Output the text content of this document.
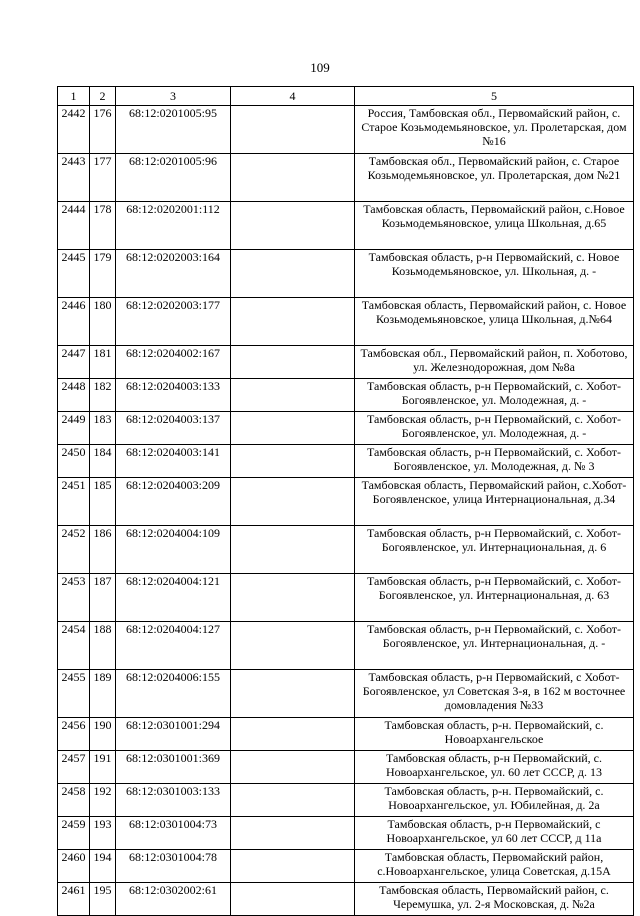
109
1	2	3	4	5
2442	176	68:12:0201005:95		Россия, Тамбовская обл., Первомайский район, с. Старое Козьмодемьяновское, ул. Пролетарская, дом №16
2443	177	68:12:0201005:96		Тамбовская обл., Первомайский район, с. Старое Козьмодемьяновское, ул. Пролетарская, дом №21
2444	178	68:12:0202001:112		Тамбовская область, Первомайский район, с.Новое Козьмодемьяновское, улица Школьная, д.65
2445	179	68:12:0202003:164		Тамбовская область, р-н Первомайский, с. Новое Козьмодемьяновское, ул. Школьная, д. -
2446	180	68:12:0202003:177		Тамбовская область, Первомайский район, с. Новое Козьмодемьяновское, улица Школьная, д.№64
2447	181	68:12:0204002:167		Тамбовская обл., Первомайский район, п. Хоботово, ул. Железнодорожная, дом №8а
2448	182	68:12:0204003:133		Тамбовская область, р-н Первомайский, с. Хобот-Богоявленское, ул. Молодежная, д. -
2449	183	68:12:0204003:137		Тамбовская область, р-н Первомайский, с. Хобот-Богоявленское, ул. Молодежная, д. -
2450	184	68:12:0204003:141		Тамбовская область, р-н Первомайский, с. Хобот-Богоявленское, ул. Молодежная, д. № 3
2451	185	68:12:0204003:209		Тамбовская область, Первомайский район, с.Хобот-Богоявленское, улица Интернациональная, д.34
2452	186	68:12:0204004:109		Тамбовская область, р-н Первомайский, с. Хобот-Богоявленское, ул. Интернациональная, д. 6
2453	187	68:12:0204004:121		Тамбовская область, р-н Первомайский, с. Хобот-Богоявленское, ул. Интернациональная, д. 63
2454	188	68:12:0204004:127		Тамбовская область, р-н Первомайский, с. Хобот-Богоявленское, ул. Интернациональная, д. -
2455	189	68:12:0204006:155		Тамбовская область, р-н Первомайский, с Хобот-Богоявленское, ул Советская 3-я, в 162 м восточнее домовладения №33
2456	190	68:12:0301001:294		Тамбовская область, р-н. Первомайский, с. Новоархангельское
2457	191	68:12:0301001:369		Тамбовская область, р-н Первомайский, с. Новоархангельское, ул. 60 лет СССР, д. 13
2458	192	68:12:0301003:133		Тамбовская область, р-н. Первомайский, с. Новоархангельское, ул. Юбилейная, д. 2а
2459	193	68:12:0301004:73		Тамбовская область, р-н Первомайский, с Новоархангельское, ул 60 лет СССР, д 11а
2460	194	68:12:0301004:78		Тамбовская область, Первомайский район, с.Новоархангельское, улица Советская, д.15А
2461	195	68:12:0302002:61		Тамбовская область, Первомайский район, с. Черемушка, ул. 2-я Московская, д. №2а
